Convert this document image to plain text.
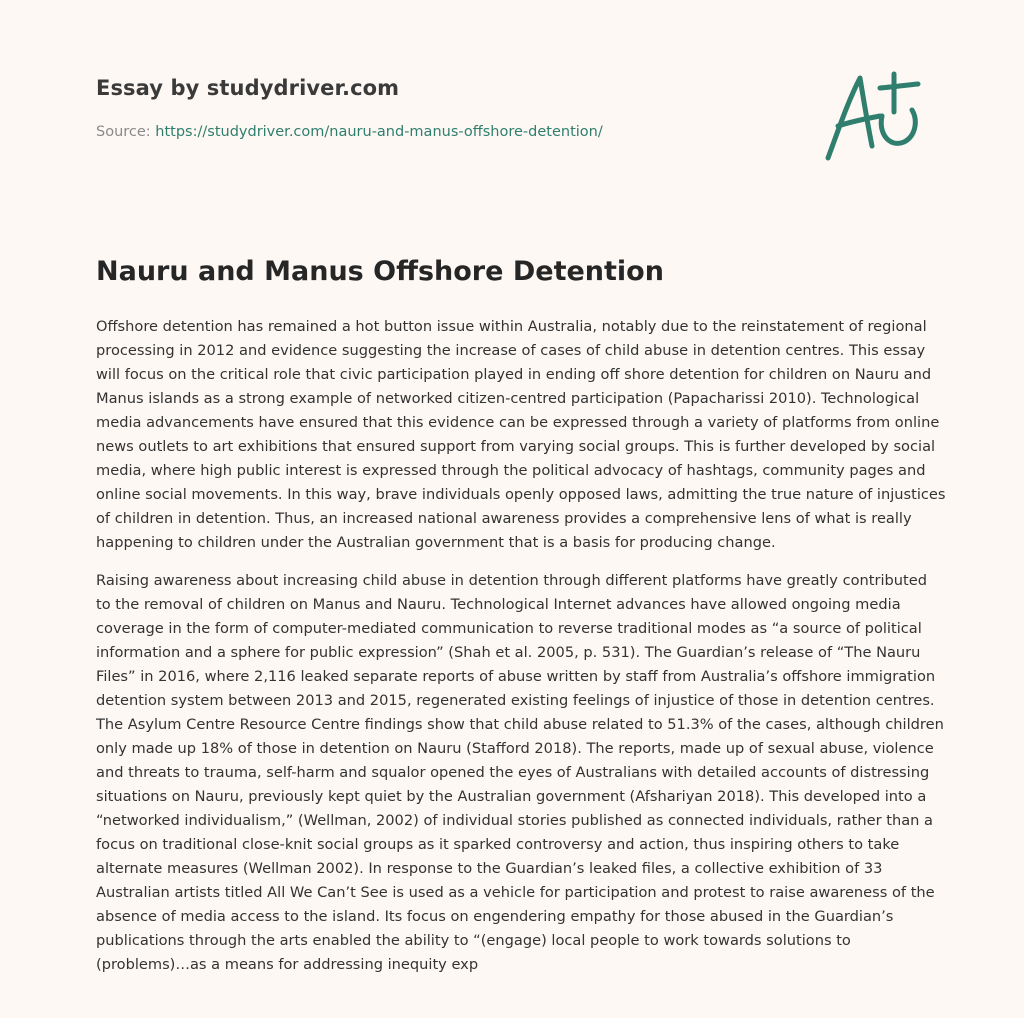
Essay by studydriver.com
Source: https://studydriver.com/nauru-and-manus-offshore-detention/
Nauru and Manus Offshore Detention

Offshore detention has remained a hot button issue within Australia, notably due to the reinstatement of regional processing in 2012 and evidence suggesting the increase of cases of child abuse in detention centres. This essay will focus on the critical role that civic participation played in ending off shore detention for children on Nauru and Manus islands as a strong example of networked citizen-centred participation (Papacharissi 2010). Technological media advancements have ensured that this evidence can be expressed through a variety of platforms from online news outlets to art exhibitions that ensured support from varying social groups. This is further developed by social media, where high public interest is expressed through the political advocacy of hashtags, community pages and online social movements. In this way, brave individuals openly opposed laws, admitting the true nature of injustices of children in detention. Thus, an increased national awareness provides a comprehensive lens of what is really happening to children under the Australian government that is a basis for producing change.

Raising awareness about increasing child abuse in detention through different platforms have greatly contributed to the removal of children on Manus and Nauru. Technological Internet advances have allowed ongoing media coverage in the form of computer-mediated communication to reverse traditional modes as “a source of political information and a sphere for public expression” (Shah et al. 2005, p. 531). The Guardian’s release of “The Nauru Files” in 2016, where 2,116 leaked separate reports of abuse written by staff from Australia’s offshore immigration detention system between 2013 and 2015, regenerated existing feelings of injustice of those in detention centres. The Asylum Centre Resource Centre findings show that child abuse related to 51.3% of the cases, although children only made up 18% of those in detention on Nauru (Stafford 2018). The reports, made up of sexual abuse, violence and threats to trauma, self-harm and squalor opened the eyes of Australians with detailed accounts of distressing situations on Nauru, previously kept quiet by the Australian government (Afshariyan 2018). This developed into a “networked individualism,” (Wellman, 2002) of individual stories published as connected individuals, rather than a focus on traditional close-knit social groups as it sparked controversy and action, thus inspiring others to take alternate measures (Wellman 2002). In response to the Guardian’s leaked files, a collective exhibition of 33 Australian artists titled All We Can’t See is used as a vehicle for participation and protest to raise awareness of the absence of media access to the island. Its focus on engendering empathy for those abused in the Guardian’s publications through the arts enabled the ability to “(engage) local people to work towards solutions to (problems)…as a means for addressing inequity exp
